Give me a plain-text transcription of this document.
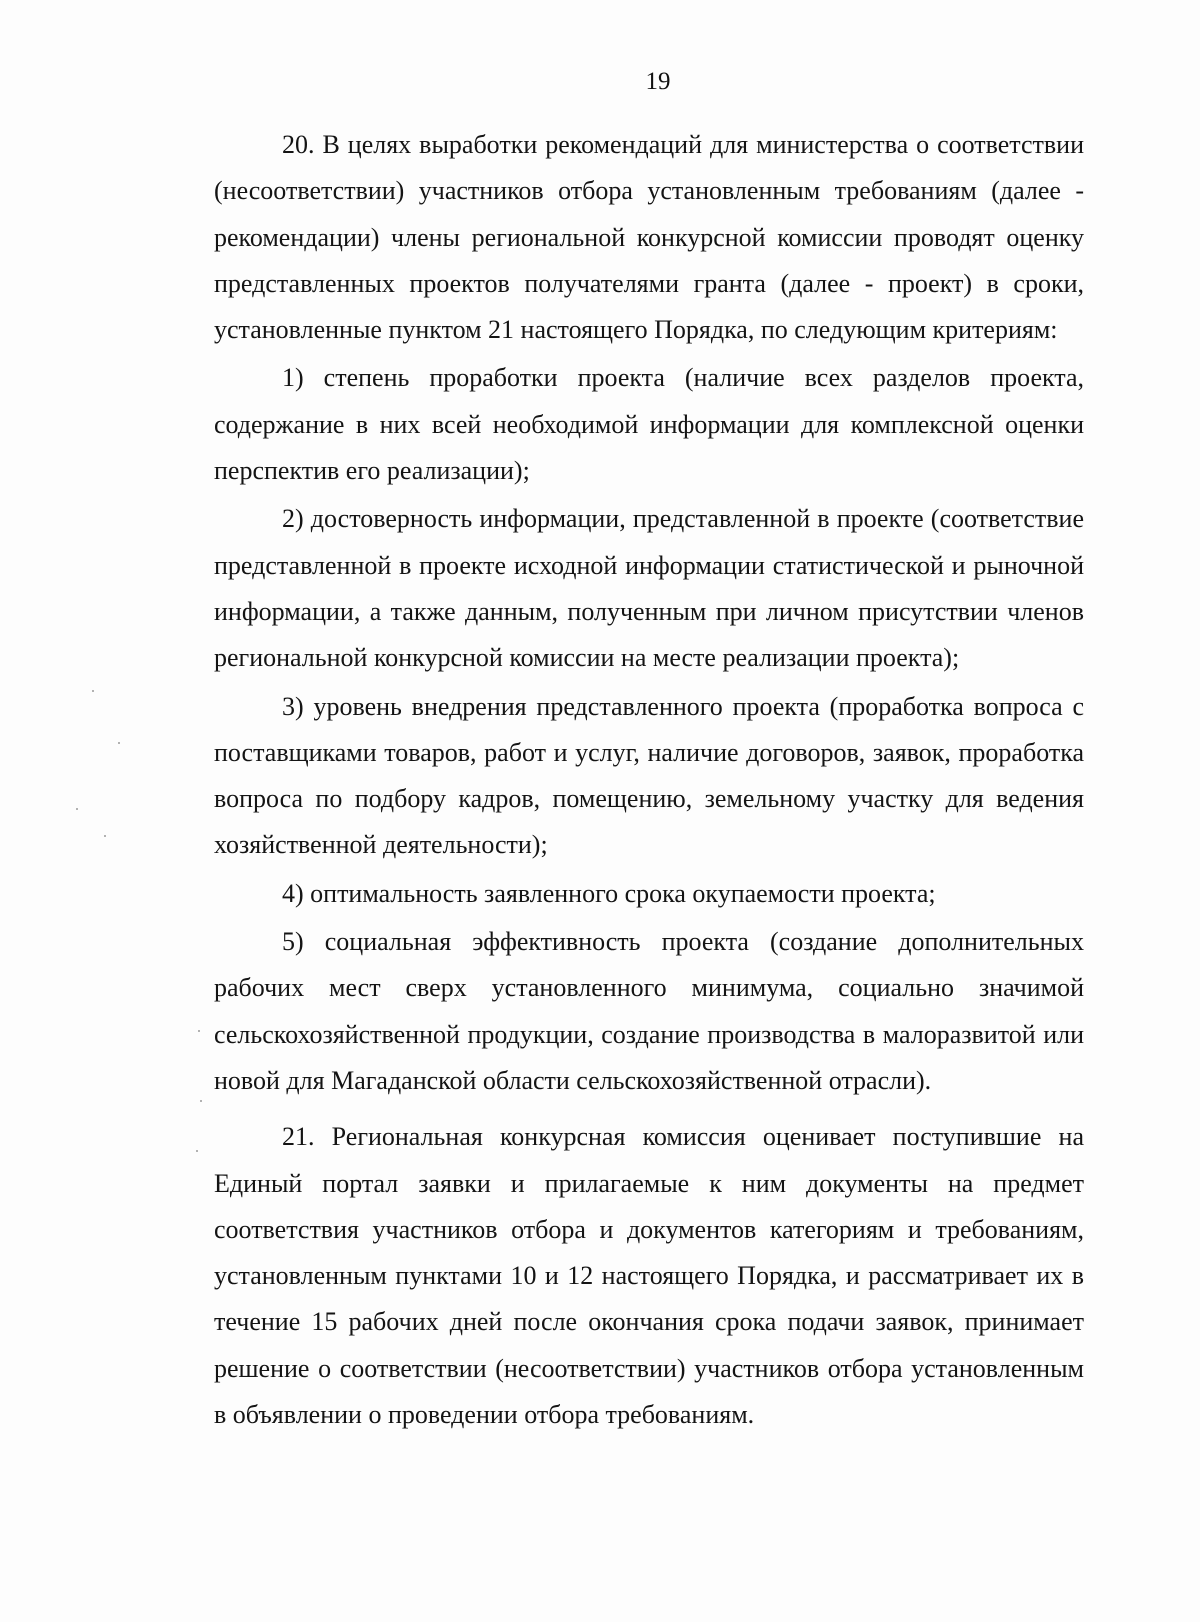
19

20. В целях выработки рекомендаций для министерства о соответствии (несоответствии) участников отбора установленным требованиям (далее - рекомендации) члены региональной конкурсной комиссии проводят оценку представленных проектов получателями гранта (далее - проект) в сроки, установленные пунктом 21 настоящего Порядка, по следующим критериям:

1) степень проработки проекта (наличие всех разделов проекта, содержание в них всей необходимой информации для комплексной оценки перспектив его реализации);

2) достоверность информации, представленной в проекте (соответствие представленной в проекте исходной информации статистической и рыночной информации, а также данным, полученным при личном присутствии членов региональной конкурсной комиссии на месте реализации проекта);

3) уровень внедрения представленного проекта (проработка вопроса с поставщиками товаров, работ и услуг, наличие договоров, заявок, проработка вопроса по подбору кадров, помещению, земельному участку для ведения хозяйственной деятельности);

4) оптимальность заявленного срока окупаемости проекта;

5) социальная эффективность проекта (создание дополнительных рабочих мест сверх установленного минимума, социально значимой сельскохозяйственной продукции, создание производства в малоразвитой или новой для Магаданской области сельскохозяйственной отрасли).

21. Региональная конкурсная комиссия оценивает поступившие на Единый портал заявки и прилагаемые к ним документы на предмет соответствия участников отбора и документов категориям и требованиям, установленным пунктами 10 и 12 настоящего Порядка, и рассматривает их в течение 15 рабочих дней после окончания срока подачи заявок, принимает решение о соответствии (несоответствии) участников отбора установленным в объявлении о проведении отбора требованиям.
